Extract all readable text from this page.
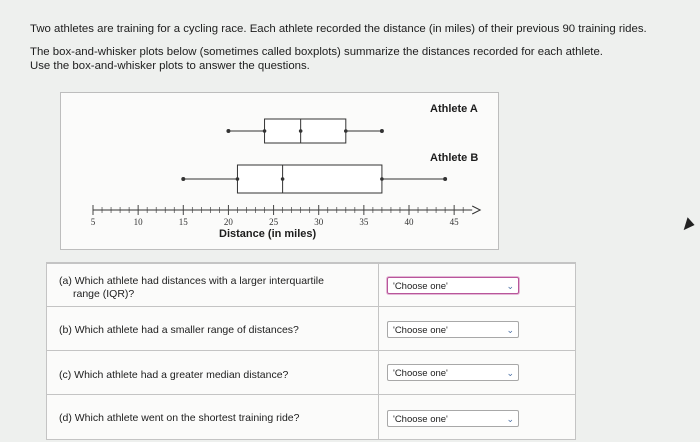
Two athletes are training for a cycling race. Each athlete recorded the distance (in miles) of their previous 90 training rides.

The box-and-whisker plots below (sometimes called boxplots) summarize the distances recorded for each athlete.

Use the box-and-whisker plots to answer the questions.

5	10	15	20	25	30	35	40	45
Athlete A
Athlete B
Distance (in miles)
(a) Which athlete had distances with a larger interquartile
range (IQR)?
'Choose one'	⌄
(b) Which athlete had a smaller range of distances?	'Choose one'	⌄
(c) Which athlete had a greater median distance?	'Choose one'	⌄
(d) Which athlete went on the shortest training ride?	'Choose one'	⌄
